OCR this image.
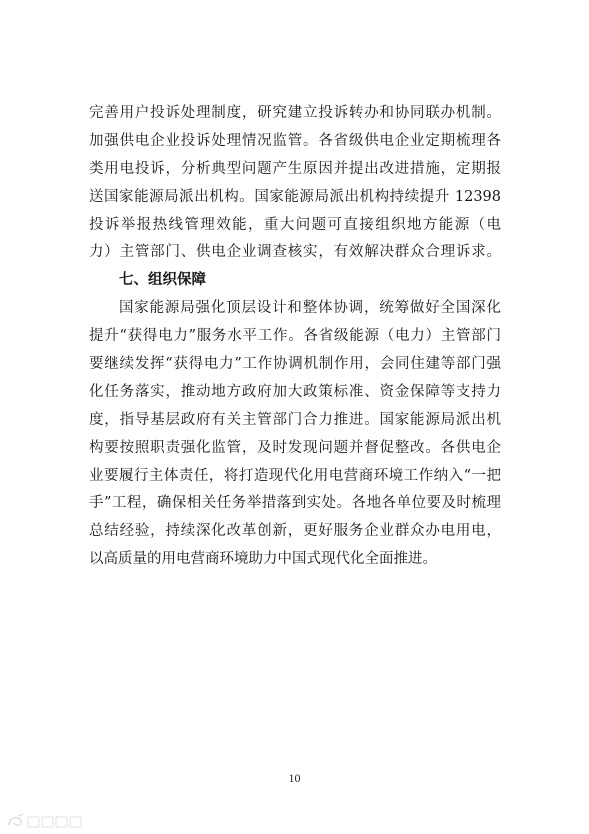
完善用户投诉处理制度，研究建立投诉转办和协同联办机制。
加强供电企业投诉处理情况监管。各省级供电企业定期梳理各
类用电投诉，分析典型问题产生原因并提出改进措施，定期报
送国家能源局派出机构。国家能源局派出机构持续提升 12398
投诉举报热线管理效能，重大问题可直接组织地方能源（电
力）主管部门、供电企业调查核实，有效解决群众合理诉求。
七、组织保障
国家能源局强化顶层设计和整体协调，统筹做好全国深化
提升“获得电力”服务水平工作。各省级能源（电力）主管部门
要继续发挥“获得电力”工作协调机制作用，会同住建等部门强
化任务落实，推动地方政府加大政策标准、资金保障等支持力
度，指导基层政府有关主管部门合力推进。国家能源局派出机
构要按照职责强化监管，及时发现问题并督促整改。各供电企
业要履行主体责任，将打造现代化用电营商环境工作纳入“一把
手”工程，确保相关任务举措落到实处。各地各单位要及时梳理
总结经验，持续深化改革创新，更好服务企业群众办电用电，
以高质量的用电营商环境助力中国式现代化全面推进。
10
